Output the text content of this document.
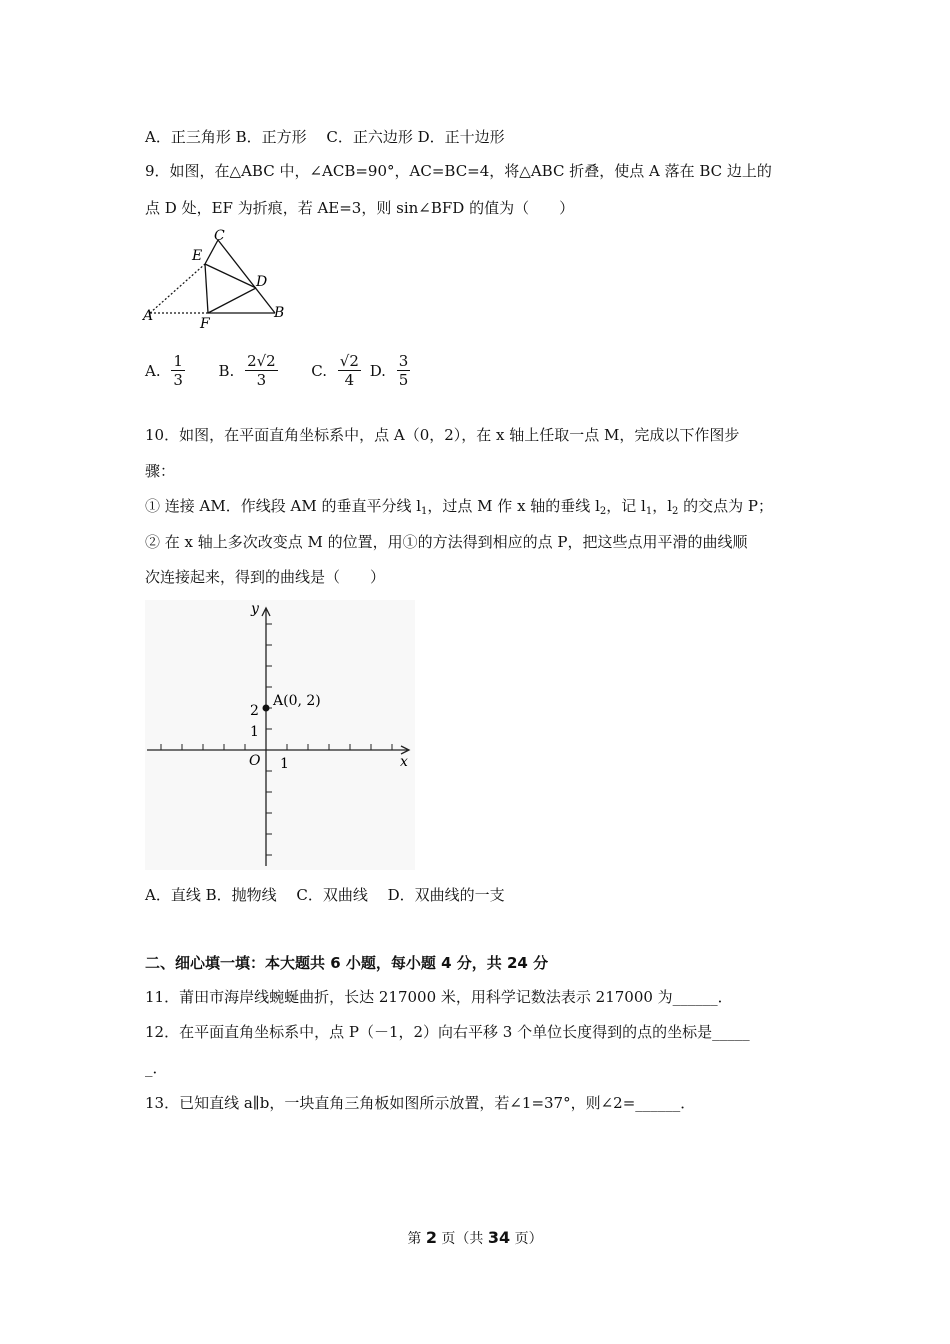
A．正三角形 B．正方形　 C．正六边形 D．正十边形
9．如图，在△ABC 中，∠ACB=90°，AC=BC=4，将△ABC 折叠，使点 A 落在 BC 边上的
点 D 处，EF 为折痕，若 AE=3，则 sin∠BFD 的值为（　　）
C
E
D
A	F
B
A. $\frac{1}{3} B$. $\frac{2√2}{3} C$. $\frac{√2}{4} D$. $\frac{3}{5}$
10．如图，在平面直角坐标系中，点 A（0，2），在 x 轴上任取一点 M，完成以下作图步
骤：
① 连接 AM．作线段 AM 的垂直平分线 $l_1$，过点 M 作 x 轴的垂线 $l_2$，记 $l_1$，$l_2$ 的交点为 P；
② 在 x 轴上多次改变点 M 的位置，用①的方法得到相应的点 P，把这些点用平滑的曲线顺
次连接起来，得到的曲线是（　　）
y
x
O 1
1
2
A(0, 2)
A．直线 B．抛物线　 C．双曲线　 D．双曲线的一支
二、细心填一填：本大题共 6 小题，每小题 4 分，共 24 分
11．莆田市海岸线蜿蜒曲折，长达 217000 米，用科学记数法表示 217000 为______．
12．在平面直角坐标系中，点 P（－1，2）向右平移 3 个单位长度得到的点的坐标是_____
_．
13．已知直线 a∥b，一块直角三角板如图所示放置，若∠1=37°，则∠2=______．
第 2 页（共 34 页）
